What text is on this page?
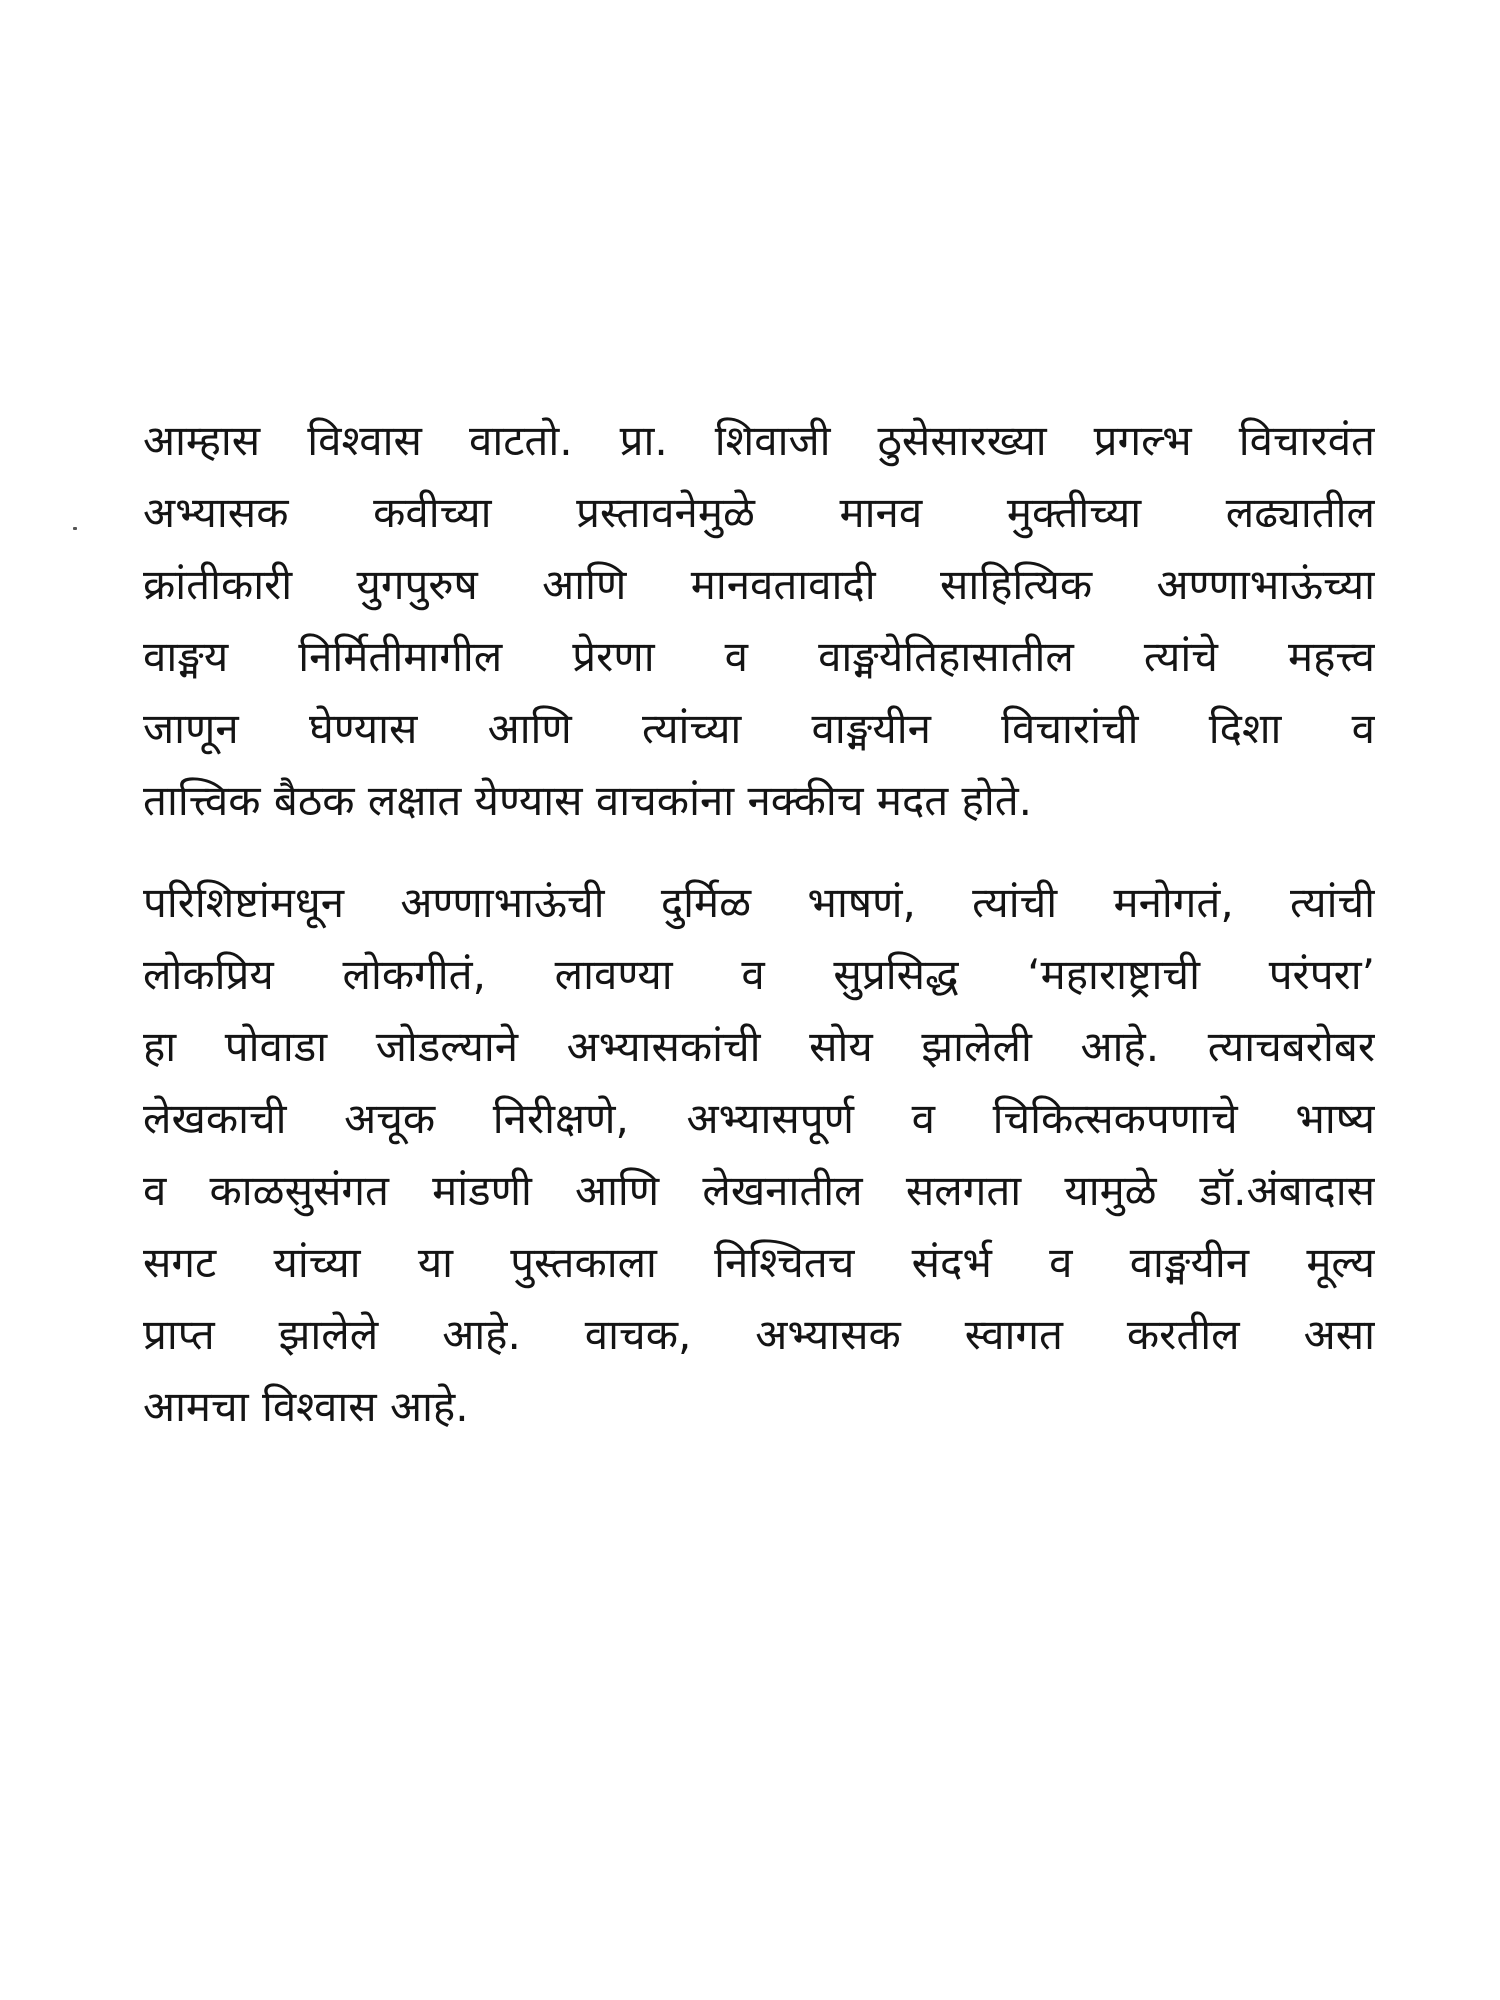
आम्हास विश्वास वाटतो. प्रा. शिवाजी ठुसेसारख्या प्रगल्भ विचारवंत
अभ्यासक कवीच्या प्रस्तावनेमुळे मानव मुक्तीच्या लढ्यातील
क्रांतीकारी युगपुरुष आणि मानवतावादी साहित्यिक अण्णाभाऊंच्या
वाङ्मय निर्मितीमागील प्रेरणा व वाङ्मयेतिहासातील त्यांचे महत्त्व
जाणून घेण्यास आणि त्यांच्या वाङ्मयीन विचारांची दिशा व
तात्त्विक बैठक लक्षात येण्यास वाचकांना नक्कीच मदत होते.

परिशिष्टांमधून अण्णाभाऊंची दुर्मिळ भाषणं, त्यांची मनोगतं, त्यांची
लोकप्रिय लोकगीतं, लावण्या व सुप्रसिद्ध ‘महाराष्ट्राची परंपरा’
हा पोवाडा जोडल्याने अभ्यासकांची सोय झालेली आहे. त्याचबरोबर
लेखकाची अचूक निरीक्षणे, अभ्यासपूर्ण व चिकित्सकपणाचे भाष्य
व काळसुसंगत मांडणी आणि लेखनातील सलगता यामुळे डॉ.अंबादास
सगट यांच्या या पुस्तकाला निश्चितच संदर्भ व वाङ्मयीन मूल्य
प्राप्त झालेले आहे. वाचक, अभ्यासक स्वागत करतील असा
आमचा विश्वास आहे.
